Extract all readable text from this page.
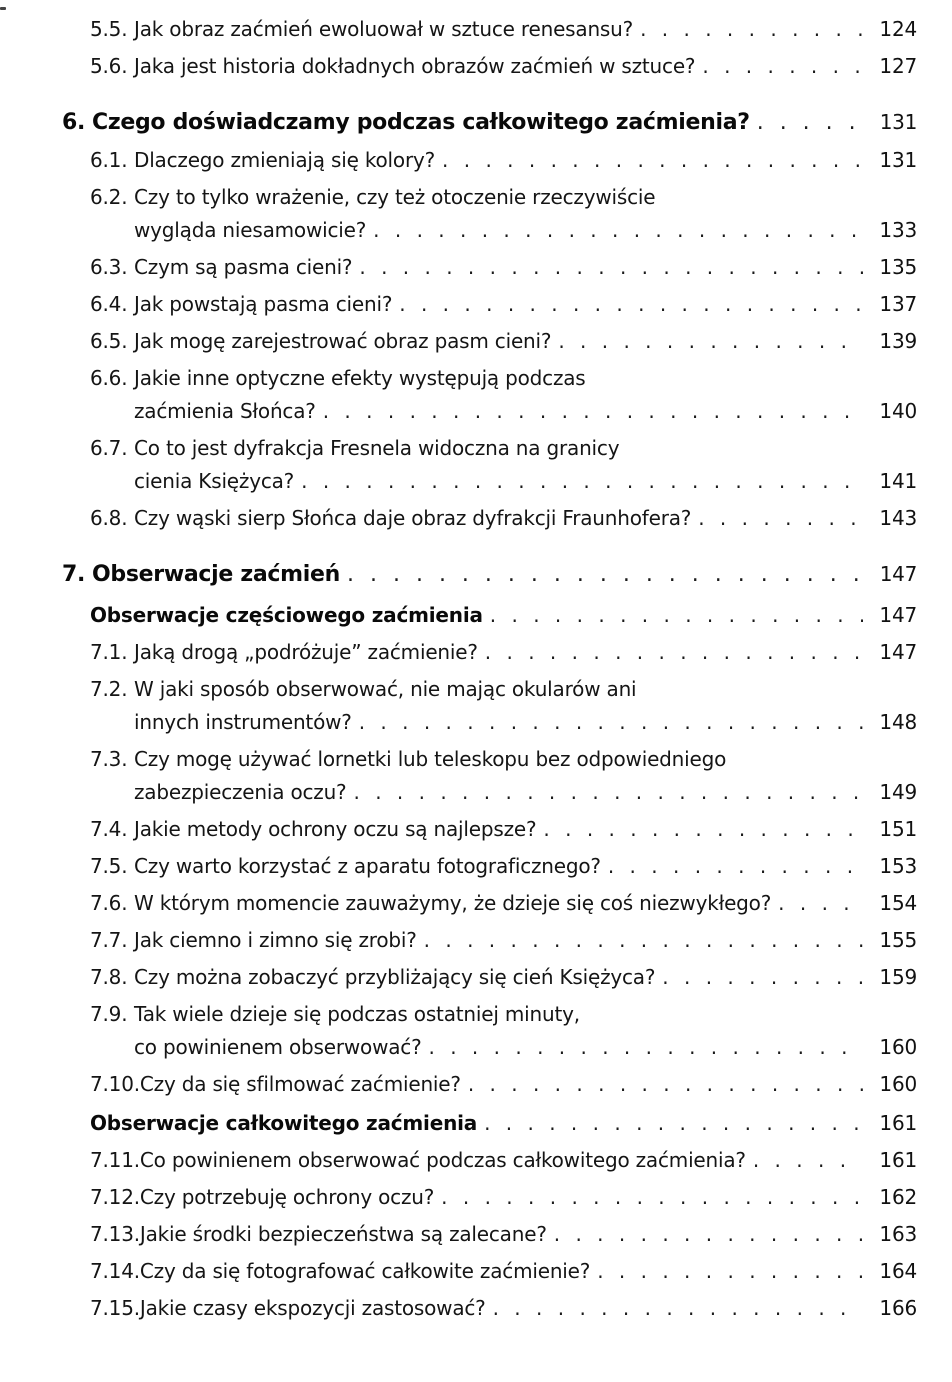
5.5. Jak obraz zaćmień ewoluował w sztuce renesansu? . . .	124
5.6. Jaka jest historia dokładnych obrazów zaćmień w sztuce? . . .	127
6. Czego doświadczamy podczas całkowitego zaćmienia? . . .	131
6.1. Dlaczego zmieniają się kolory? . . .	131
6.2. Czy to tylko wrażenie, czy też otoczenie rzeczywiście
wygląda niesamowicie? . . .	133
6.3. Czym są pasma cieni? . . .	135
6.4. Jak powstają pasma cieni? . . .	137
6.5. Jak mogę zarejestrować obraz pasm cieni? . . .	139
6.6. Jakie inne optyczne efekty występują podczas
zaćmienia Słońca? . . .	140
6.7. Co to jest dyfrakcja Fresnela widoczna na granicy
cienia Księżyca? . . .	141
6.8. Czy wąski sierp Słońca daje obraz dyfrakcji Fraunhofera? . . .	143
7. Obserwacje zaćmień . . .	147
Obserwacje częściowego zaćmienia . . .	147
7.1. Jaką drogą „podróżuje” zaćmienie? . . .	147
7.2. W jaki sposób obserwować, nie mając okularów ani
innych instrumentów? . . .	148
7.3. Czy mogę używać lornetki lub teleskopu bez odpowiedniego
zabezpieczenia oczu? . . .	149
7.4. Jakie metody ochrony oczu są najlepsze? . . .	151
7.5. Czy warto korzystać z aparatu fotograficznego? . . .	153
7.6. W którym momencie zauważymy, że dzieje się coś niezwykłego? . . .	154
7.7. Jak ciemno i zimno się zrobi? . . .	155
7.8. Czy można zobaczyć przybliżający się cień Księżyca? . . .	159
7.9. Tak wiele dzieje się podczas ostatniej minuty,
co powinienem obserwować? . . .	160
7.10. Czy da się sfilmować zaćmienie? . . .	160
Obserwacje całkowitego zaćmienia . . .	161
7.11. Co powinienem obserwować podczas całkowitego zaćmienia? . . .	161
7.12. Czy potrzebuję ochrony oczu? . . .	162
7.13. Jakie środki bezpieczeństwa są zalecane? . . .	163
7.14. Czy da się fotografować całkowite zaćmienie? . . .	164
7.15. Jakie czasy ekspozycji zastosować? . . .	166
